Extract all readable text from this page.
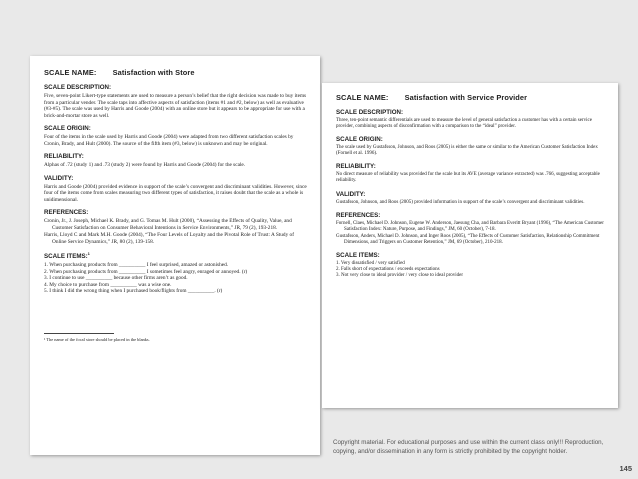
SCALE NAME: Satisfaction with Store
SCALE DESCRIPTION:

Five, seven-point Likert-type statements are used to measure a person’s belief that the right decision was made to buy items from a particular vender. The scale taps into affective aspects of satisfaction (items #1 and #2, below) as well as evaluative (#3-#5). The scale was used by Harris and Goode (2004) with an online store but it appears to be appropriate for use with a brick-and-mortar store as well.

SCALE ORIGIN:

Four of the items in the scale used by Harris and Goode (2004) were adapted from two different satisfaction scales by Cronin, Brady, and Hult (2000). The source of the fifth item (#3, below) is unknown and may be original.

RELIABILITY:

Alphas of .72 (study 1) and .73 (study 2) were found by Harris and Goode (2004) for the scale.

VALIDITY:

Harris and Goode (2004) provided evidence in support of the scale’s convergent and discriminant validities. However, since four of the items come from scales measuring two different types of satisfaction, it raises doubt that the scale as a whole is unidimensional.

REFERENCES:

Cronin, Jr., J. Joseph, Michael K. Brady, and G. Tomas M. Hult (2000), “Assessing the Effects of Quality, Value, and Customer Satisfaction on Consumer Behavioral Intentions in Service Environments,” JR, 79 (2), 193-218.

Harris, Lloyd C and Mark M.H. Goode (2004), “The Four Levels of Loyalty and the Pivotal Role of Trust: A Study of Online Service Dynamics,” JR, 80 (2), 139-158.

SCALE ITEMS:$^1$
1. When purchasing products from __________ I feel surprised, amazed or astonished.
2. When purchasing products from __________ I sometimes feel angry, enraged or annoyed. (r)
3. I continue to use __________ because other firms aren’t as good.
4. My choice to purchase from __________ was a wise one.
5. I think I did the wrong thing when I purchased book/flights from __________. (r)

¹ The name of the focal store should be placed in the blanks.

SCALE NAME: Satisfaction with Service Provider
SCALE DESCRIPTION:

Three, ten-point semantic differentials are used to measure the level of general satisfaction a customer has with a certain service provider, combining aspects of disconfirmation with a comparison to the “ideal” provider.

SCALE ORIGIN:

The scale used by Gustafsson, Johnson, and Roos (2005) is either the same or similar to the American Customer Satisfaction Index (Fornell et al. 1996).

RELIABILITY:

No direct measure of reliability was provided for the scale but its AVE (average variance extracted) was .766, suggesting acceptable reliability.

VALIDITY:

Gustafsson, Johnson, and Roos (2005) provided information in support of the scale’s convergent and discriminant validities.

REFERENCES:

Fornell, Claes, Michael D. Johnson, Eugene W. Anderson, Jaesung Cha, and Barbara Everitt Bryant (1996), “The American Customer Satisfaction Index: Nature, Purpose, and Findings,” JM, 60 (October), 7-18.

Gustafsson, Anders, Michael D. Johnson, and Inger Roos (2005), “The Effects of Customer Satisfaction, Relationship Commitment Dimensions, and Triggers on Customer Retention,” JM, 69 (October), 210-218.

SCALE ITEMS:
1. Very dissatisfied / very satisfied
2. Falls short of expectations / exceeds expectations
3. Not very close to ideal provider / very close to ideal provider
Copyright material. For educational purposes and use within the current class only!!! Reproduction, copying, and/or dissemination in any form is strictly prohibited by the copyright holder.
145
